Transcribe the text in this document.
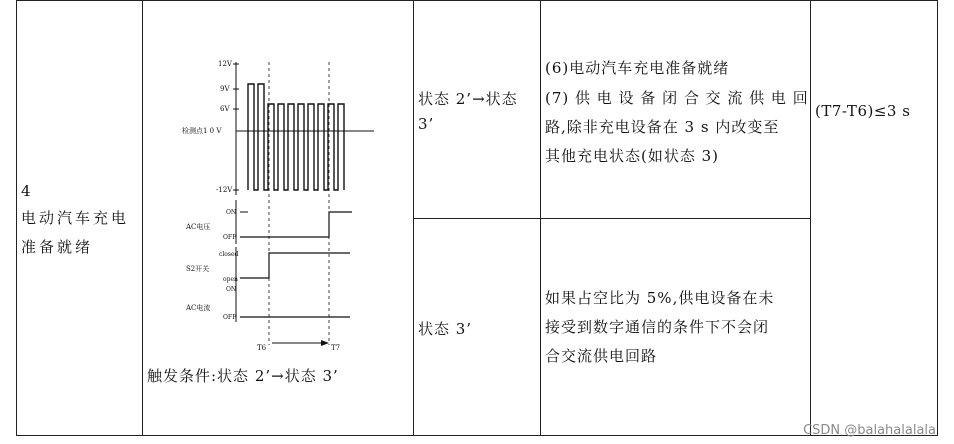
4
电动汽车充电
准备就绪
12V
9V
6V
检测点1 0 V
-12V
ON
OFF
AC电压
closed
open
S2开关
ON
OFF
AC电流
T6	T7
触发条件:状态 2’→状态 3’
状态 2’→状态
3’
状态 3’
(6)电动汽车充电准备就绪
(7) 供 电 设 备 闭 合 交 流 供 电 回
路,除非充电设备在 3 s 内改变至
其他充电状态(如状态 3)
如果占空比为 5%,供电设备在未
接受到数字通信的条件下不会闭
合交流供电回路
(T7-T6)≤3 s
CSDN @balahalalala
